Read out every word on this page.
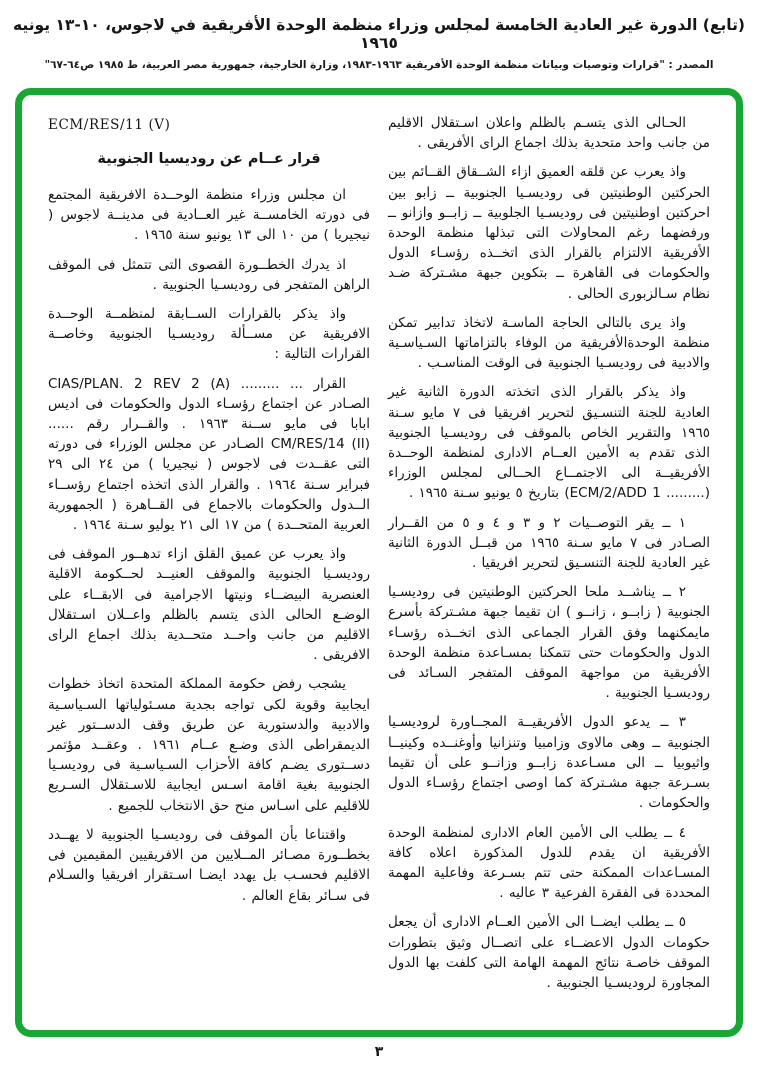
(تابع) الدورة غير العادية الخامسة لمجلس وزراء منظمة الوحدة الأفريقية في لاجوس، ١٠-١٣ يونيه ١٩٦٥
المصدر : "قرارات وتوصيات وبيانات منظمة الوحدة الأفريقية ١٩٦٣-١٩٨٣، وزارة الخارجية، جمهورية مصر العربية، ط ١٩٨٥ ص٦٤-٦٧"

الحـالى الذى يتسـم بالظلم واعلان اسـتقلال الاقليم من جانب واحد متحدية بذلك اجماع الراى الأفريقى .

واذ يعرب عن قلقه العميق ازاء الشــقاق القــائم بين الحركتين الوطنيتين فى روديسـيا الجنوبية ــ زابو بين احركتين اوطنيتين فى روديسـيا الجلوبية ــ زابــو وازانو ــ ورفضهما رغم المحاولات التى تبذلها منظمة الوحدة الأفريقية الالتزام بالقرار الذى اتخــذه رؤسـاء الدول والحكومات فى القاهرة ــ بتكوين جبهة مشـتركة ضـد نظام سـالزبورى الحالى .

واذ يرى بالتالى الحاجة الماسـة لاتخاذ تدابير تمكن منظمة الوحدةالأفريقية من الوفاء بالتزاماتها السـياسـية والادبية فى روديسـيا الجنوبية فى الوقت المناسـب .

واذ يذكر بالقرار الذى اتخذته الدورة الثانية غير العادية للجنة التنسـيق لتحرير افريقيا فى ٧ مايو سـنة ١٩٦٥ والتقرير الخاص بالموقف فى روديسـيا الجنوبية الذى تقدم به الأمين العــام الادارى لمنظمة الوحــدة الأفريقيــة الى الاجتمــاع الحــالى لمجلس الوزراء ‎(ECM/2/ADD 1 .........)‎ بتاريخ ٥ يونيو سـنة ١٩٦٥ .

١ ــ يقر التوصــيات ٢ و ٣ و ٤ و ٥ من القــرار الصـادر فى ٧ مايو سـنة ١٩٦٥ من قبــل الدورة الثانية غير العادية للجنة التنسـيق لتحرير افريقيا .

٢ ــ يناشــد ملحا الحركتين الوطنيتين فى روديسـيا الجنوبية ( زابــو ، زانــو ) ان تقيما جبهة مشـتركة بأسرع مايمكنهما وفق القرار الجماعى الذى اتخــذه رؤسـاء الدول والحكومات حتى تتمكنا بمسـاعدة منظمة الوحدة الأفريقية من مواجهة الموقف المتفجر السـائد فى روديسـيا الجنوبية .

٣ ــ يدعو الدول الأفريقيــة المجــاورة لروديسـيا الجنوبية ــ وهى مالاوى وزامبيا وتنزانيا وأوغنــده وكينيــا واثيوبيا ــ الى مسـاعدة زابــو وزانــو على أن تقيما بسـرعة جبهة مشـتركة كما اوصى اجتماع رؤسـاء الدول والحكومات .

٤ ــ يطلب الى الأمين العام الادارى لمنظمة الوحدة الأفريقية ان يقدم للدول المذكورة اعلاه كافة المسـاعدات الممكنة حتى تتم بسـرعة وفاعلية المهمة المحددة فى الفقرة الفرعية ٣ عاليه .

٥ ــ يطلب ايضــا الى الأمين العــام الادارى أن يجعل حكومات الدول الاعضــاء على اتصــال وثيق بتطورات الموقف خاصـة نتائج المهمة الهامة التى كلفت بها الدول المجاورة لروديسـيا الجنوبية .

ECM/RES/11 (V)
قرار عــام عن روديسيا الجنوبية

ان مجلس وزراء منظمة الوحــدة الافريقية المجتمع فى دورته الخامســة غير العــادية فى مدينــة لاجوس ( نيجيريا ) من ١٠ الى ١٣ يونيو سنة ١٩٦٥ .

اذ يدرك الخطــورة القصوى التى تتمثل فى الموقف الراهن المتفجر فى روديسـيا الجنوبية .

واذ يذكر بالقرارات الســابقة لمنظمــة الوحــدة الافريقية عن مســألة روديسـيا الجنوبية وخاصــة القرارات التالية :

القرار ... ......... ‎CIAS/PLAN. 2 REV 2 (A)‎ الصـادر عن اجتماع رؤسـاء الدول والحكومات فى اديس ابابا فى مايو ســنة ١٩٦٣ . والقــرار رقم ...... ‎CM/RES/14 (II)‎ الصـادر عن مجلس الوزراء فى دورته التى عقــدت فى لاجوس ( نيجيريا ) من ٢٤ الى ٢٩ فبراير سـنة ١٩٦٤ . والقرار الذى اتخذه اجتماع رؤســاء الــدول والحكومات بالاجماع فى القــاهرة ( الجمهورية العربية المتحــدة ) من ١٧ الى ٢١ يوليو سـنة ١٩٦٤ .

واذ يعرب عن عميق القلق ازاء تدهــور الموقف فى روديسـيا الجنوبية والموقف العنيــد لحــكومة الاقلية العنصرية البيضــاء ونيتها الاجرامية فى الابقــاء على الوضـع الحالى الذى يتسم بالظلم واعــلان اسـتقلال الاقليم من جانب واحــد متحــدية بذلك اجماع الراى الافريقى .

يشجب رفض حكومة المملكة المتحدة اتخاذ خطوات ايجابية وقوية لكى تواجه بجدية مسـئولياتها السـياسـية والادبية والدستورية عن طريق وقف الدســتور غير الديمقراطى الذى وضـع عــام ١٩٦١ . وعقــد مؤتمر دســتورى يضـم كافة الأحزاب السـياسـية فى روديسـيا الجنوبية بغية اقامة اسـس ايجابية للاسـتقلال السـريع للاقليم على اسـاس منح حق الانتخاب للجميع .

واقتناعا بأن الموقف فى روديسـيا الجنوبية لا يهــدد بخطــورة مصـائر المــلايين من الافريقيين المقيمين فى الاقليم فحسـب بل يهدد ايضـا اسـتقرار افريقيا والسـلام فى سـائر بقاع العالم .

٣
